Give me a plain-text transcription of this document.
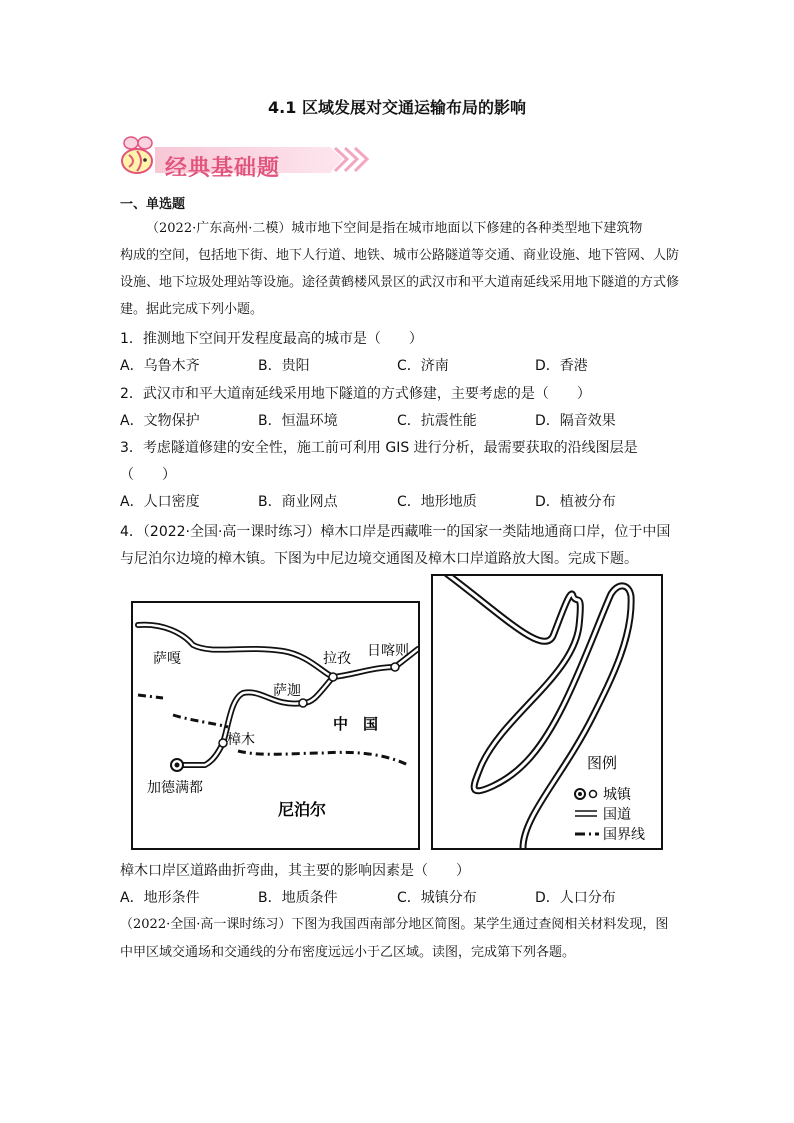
4.1 区域发展对交通运输布局的影响
经典基础题
一、单选题
（2022·广东高州·二模）城市地下空间是指在城市地面以下修建的各种类型地下建筑物
构成的空间，包括地下街、地下人行道、地铁、城市公路隧道等交通、商业设施、地下管网、人防设施、地下垃圾处理站等设施。途径黄鹤楼风景区的武汉市和平大道南延线采用地下隧道的方式修建。据此完成下列小题。
1．推测地下空间开发程度最高的城市是（　　）
A．乌鲁木齐	B．贵阳	C．济南	D．香港
2．武汉市和平大道南延线采用地下隧道的方式修建，主要考虑的是（　　）
A．文物保护	B．恒温环境	C．抗震性能	D．隔音效果
3．考虑隧道修建的安全性，施工前可利用 GIS 进行分析，最需要获取的沿线图层是
（　　）
A．人口密度	B．商业网点	C．地形地质	D．植被分布
4．（2022·全国·高一课时练习）樟木口岸是西藏唯一的国家一类陆地通商口岸，位于中国与尼泊尔边境的樟木镇。下图为中尼边境交通图及樟木口岸道路放大图。完成下题。
萨嘎	拉孜 日喀则
萨迦
中　国
樟木
加德满都
尼泊尔
图例
城镇
国道
国界线
樟木口岸区道路曲折弯曲，其主要的影响因素是（　　）
A．地形条件	B．地质条件	C．城镇分布	D．人口分布
（2022·全国·高一课时练习）下图为我国西南部分地区简图。某学生通过查阅相关材料发现，图中甲区域交通场和交通线的分布密度远远小于乙区域。读图，完成第下列各题。
